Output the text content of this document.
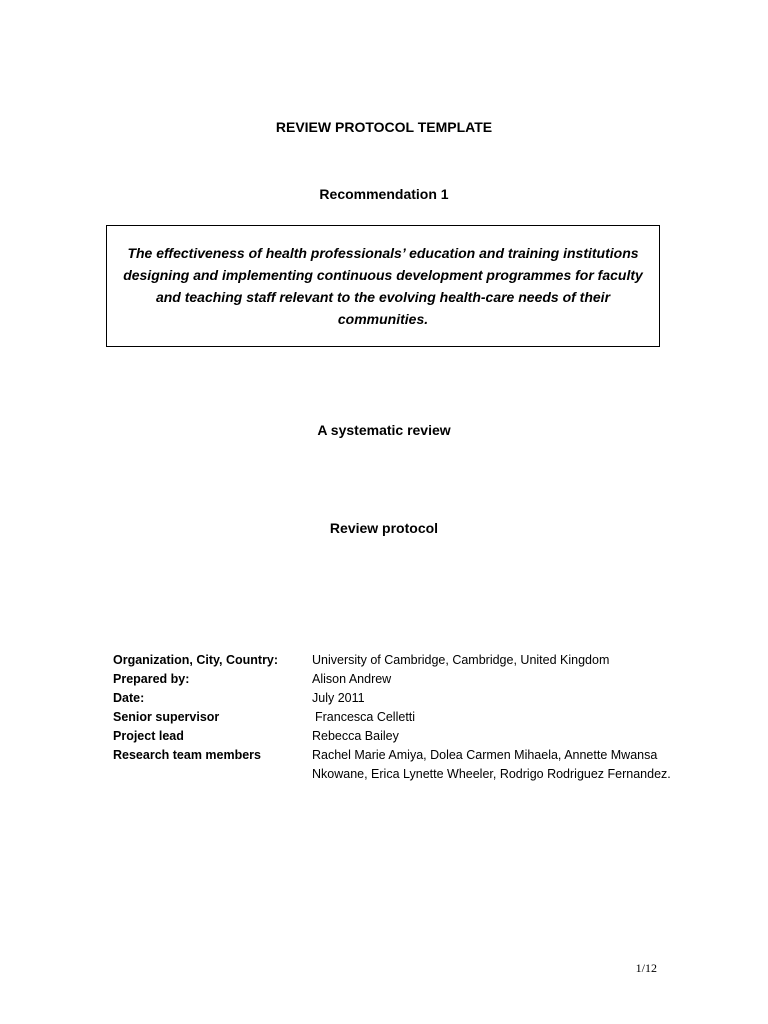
REVIEW PROTOCOL TEMPLATE
Recommendation 1

The effectiveness of health professionals’ education and training institutions designing and implementing continuous development programmes for faculty and teaching staff relevant to the evolving health-care needs of their communities.

A systematic review
Review protocol
Organization, City, Country:	University of Cambridge, Cambridge, United Kingdom
Prepared by:	Alison Andrew
Date:	July 2011
Senior supervisor	Francesca Celletti
Project lead	Rebecca Bailey
Research team members	Rachel Marie Amiya, Dolea Carmen Mihaela, Annette Mwansa Nkowane, Erica Lynette Wheeler, Rodrigo Rodriguez Fernandez.
1/12
